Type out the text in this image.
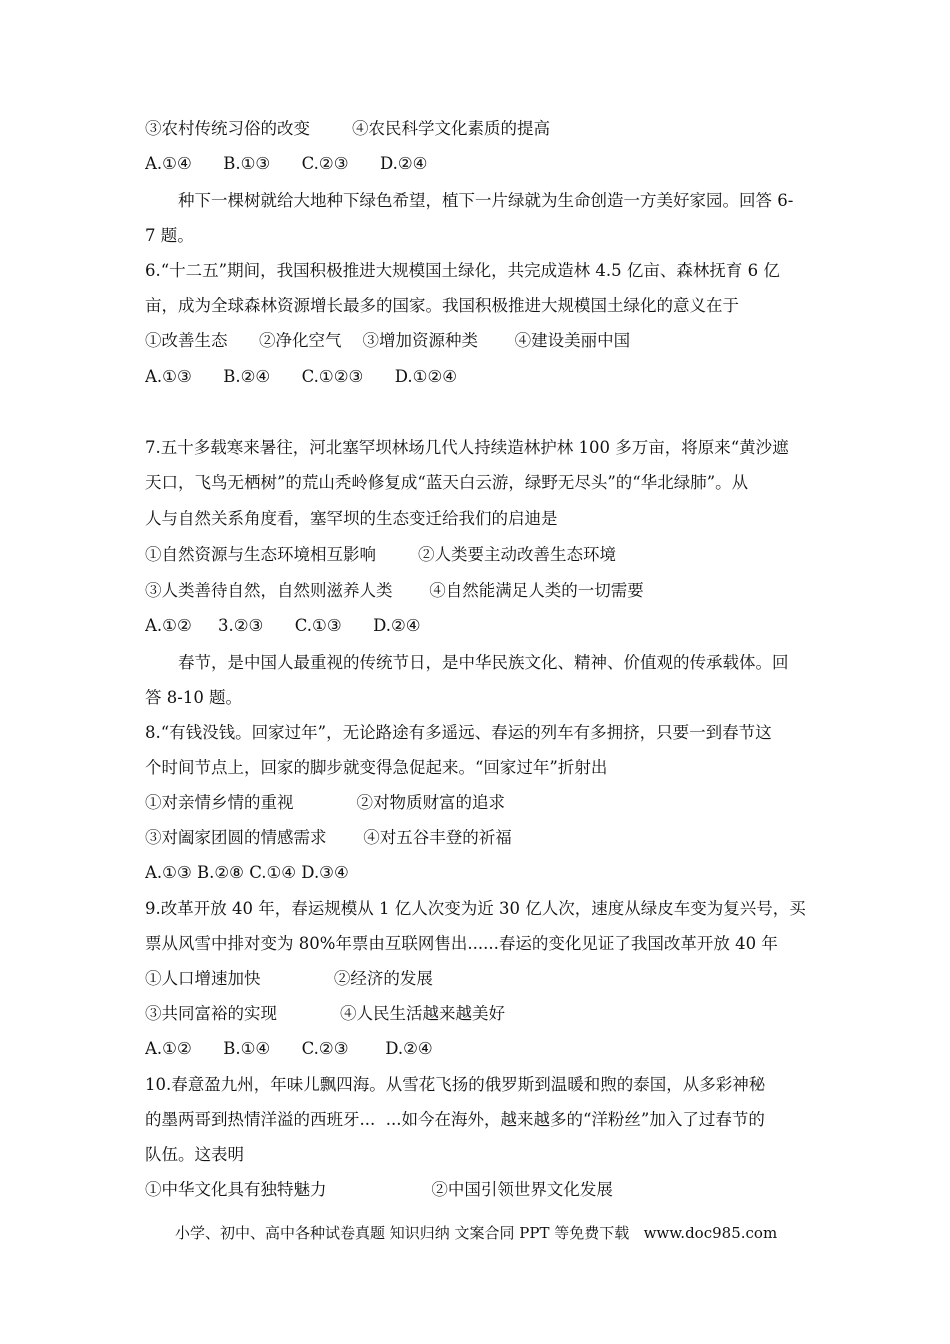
③农村传统习俗的改变        ④农民科学文化素质的提高
A.①④      B.①③      C.②③      D.②④
种下一棵树就给大地种下绿色希望，植下一片绿就为生命创造一方美好家园。回答 6-
7 题。
6.“十二五”期间，我国积极推进大规模国土绿化，共完成造林 4.5 亿亩、森林抚育 6 亿
亩，成为全球森林资源增长最多的国家。我国积极推进大规模国土绿化的意义在于
①改善生态      ②净化空气    ③增加资源种类       ④建设美丽中国
A.①③      B.②④      C.①②③      D.①②④
7.五十多载寒来暑往，河北塞罕坝林场几代人持续造林护林 100 多万亩，将原来“黄沙遮
天口，飞鸟无栖树”的荒山秃岭修复成“蓝天白云游，绿野无尽头”的“华北绿肺”。从
人与自然关系角度看，塞罕坝的生态变迁给我们的启迪是
①自然资源与生态环境相互影响        ②人类要主动改善生态环境
③人类善待自然，自然则滋养人类       ④自然能满足人类的一切需要
A.①②     3.②③      C.①③      D.②④
春节，是中国人最重视的传统节日，是中华民族文化、精神、价值观的传承载体。回
答 8-10 题。
8.“有钱没钱。回家过年”，无论路途有多遥远、春运的列车有多拥挤，只要一到春节这
个时间节点上，回家的脚步就变得急促起来。“回家过年”折射出
①对亲情乡情的重视            ②对物质财富的追求
③对阖家团圆的情感需求       ④对五谷丰登的祈福
A.①③ B.②⑧ C.①④ D.③④
9.改革开放 40 年，春运规模从 1 亿人次变为近 30 亿人次，速度从绿皮车变为复兴号，买
票从风雪中排对变为 80%年票由互联网售出......春运的变化见证了我国改革开放 40 年
①人口增速加快              ②经济的发展
③共同富裕的实现            ④人民生活越来越美好
A.①②      B.①④      C.②③       D.②④
10.春意盈九州，年味儿飘四海。从雪花飞扬的俄罗斯到温暖和煦的泰国，从多彩神秘
的墨两哥到热情洋溢的西班牙...  ...如今在海外，越来越多的“洋粉丝”加入了过春节的
队伍。这表明
①中华文化具有独特魅力                    ②中国引领世界文化发展
小学、初中、高中各种试卷真题 知识归纳 文案合同 PPT 等免费下载   www.doc985.com
